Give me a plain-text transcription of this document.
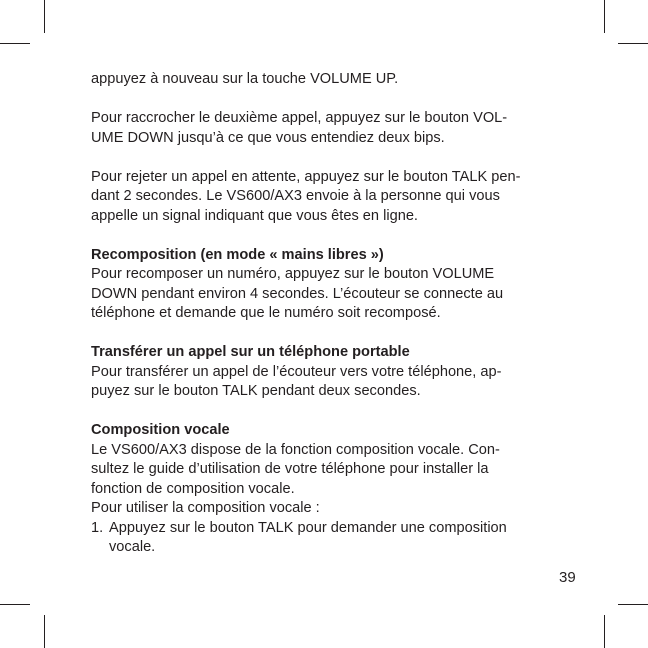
appuyez à nouveau sur la touche VOLUME UP.

Pour raccrocher le deuxième appel, appuyez sur le bouton VOL-
UME DOWN jusqu’à ce que vous entendiez deux bips.

Pour rejeter un appel en attente, appuyez sur le bouton TALK pen-
dant 2 secondes. Le VS600/AX3 envoie à la personne qui vous
appelle un signal indiquant que vous êtes en ligne.

Recomposition (en mode « mains libres »)
Pour recomposer un numéro, appuyez sur le bouton VOLUME
DOWN pendant environ 4 secondes. L’écouteur se connecte au
téléphone et demande que le numéro soit recomposé.

Transférer un appel sur un téléphone portable
Pour transférer un appel de l’écouteur vers votre téléphone, ap-
puyez sur le bouton TALK pendant deux secondes.

Composition vocale
Le VS600/AX3 dispose de la fonction composition vocale. Con-
sultez le guide d’utilisation de votre téléphone pour installer la
fonction de composition vocale.
Pour utiliser la composition vocale :
1. Appuyez sur le bouton TALK pour demander une composition
vocale.
39
